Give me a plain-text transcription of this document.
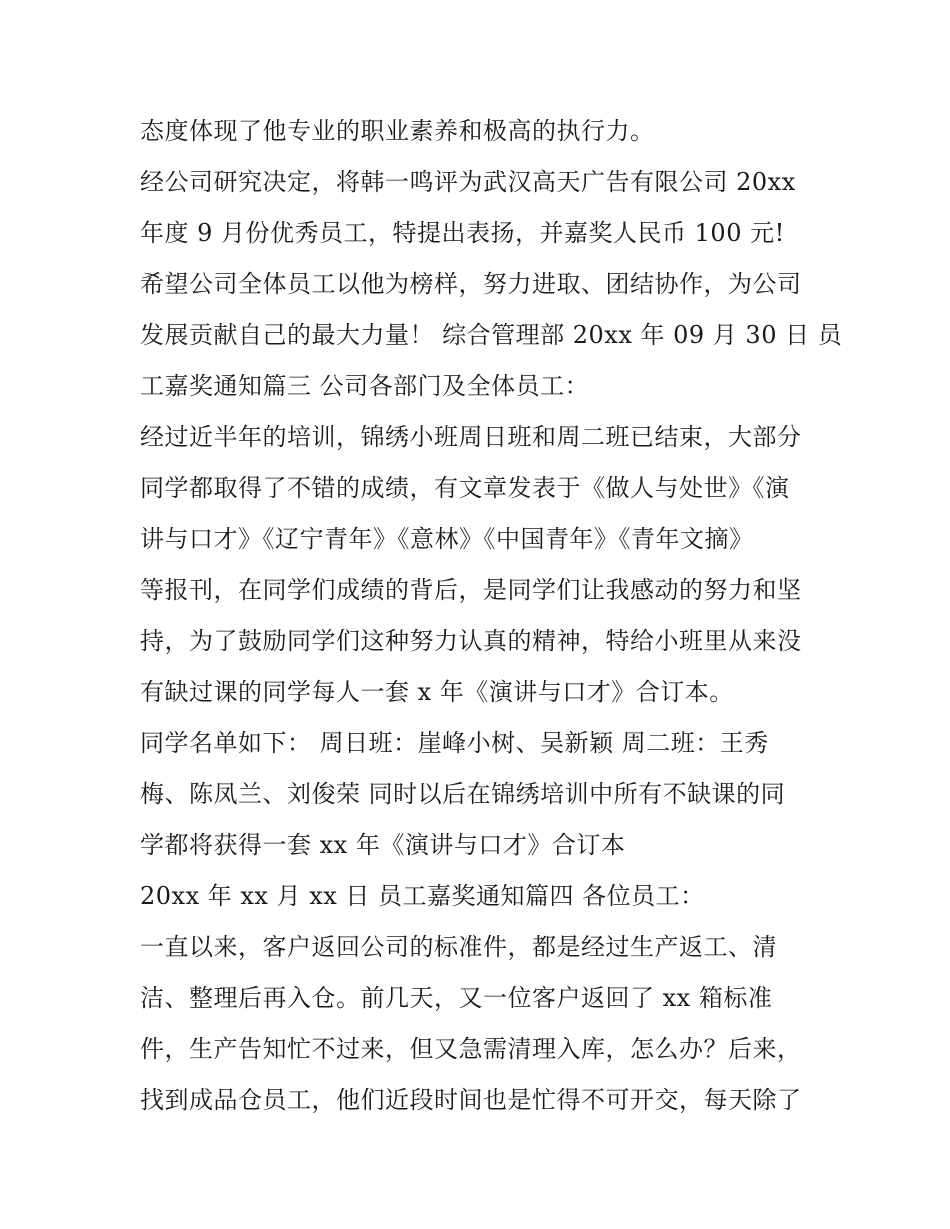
态度体现了他专业的职业素养和极高的执行力。
经公司研究决定，将韩一鸣评为武汉高天广告有限公司 20xx
年度 9 月份优秀员工，特提出表扬，并嘉奖人民币 100 元!
希望公司全体员工以他为榜样，努力进取、团结协作，为公司
发展贡献自己的最大力量！ 综合管理部 20xx 年 09 月 30 日 员
工嘉奖通知篇三 公司各部门及全体员工：
经过近半年的培训，锦绣小班周日班和周二班已结束，大部分
同学都取得了不错的成绩，有文章发表于《做人与处世》《演
讲与口才》《辽宁青年》《意林》《中国青年》《青年文摘》
等报刊，在同学们成绩的背后，是同学们让我感动的努力和坚
持，为了鼓励同学们这种努力认真的精神，特给小班里从来没
有缺过课的同学每人一套 x 年《演讲与口才》合订本。
同学名单如下： 周日班：崖峰小树、吴新颖 周二班：王秀
梅、陈凤兰、刘俊荣 同时以后在锦绣培训中所有不缺课的同
学都将获得一套 xx 年《演讲与口才》合订本
20xx 年 xx 月 xx 日 员工嘉奖通知篇四 各位员工：
一直以来，客户返回公司的标准件，都是经过生产返工、清
洁、整理后再入仓。前几天，又一位客户返回了 xx 箱标准
件，生产告知忙不过来，但又急需清理入库，怎么办？后来，
找到成品仓员工，他们近段时间也是忙得不可开交，每天除了
